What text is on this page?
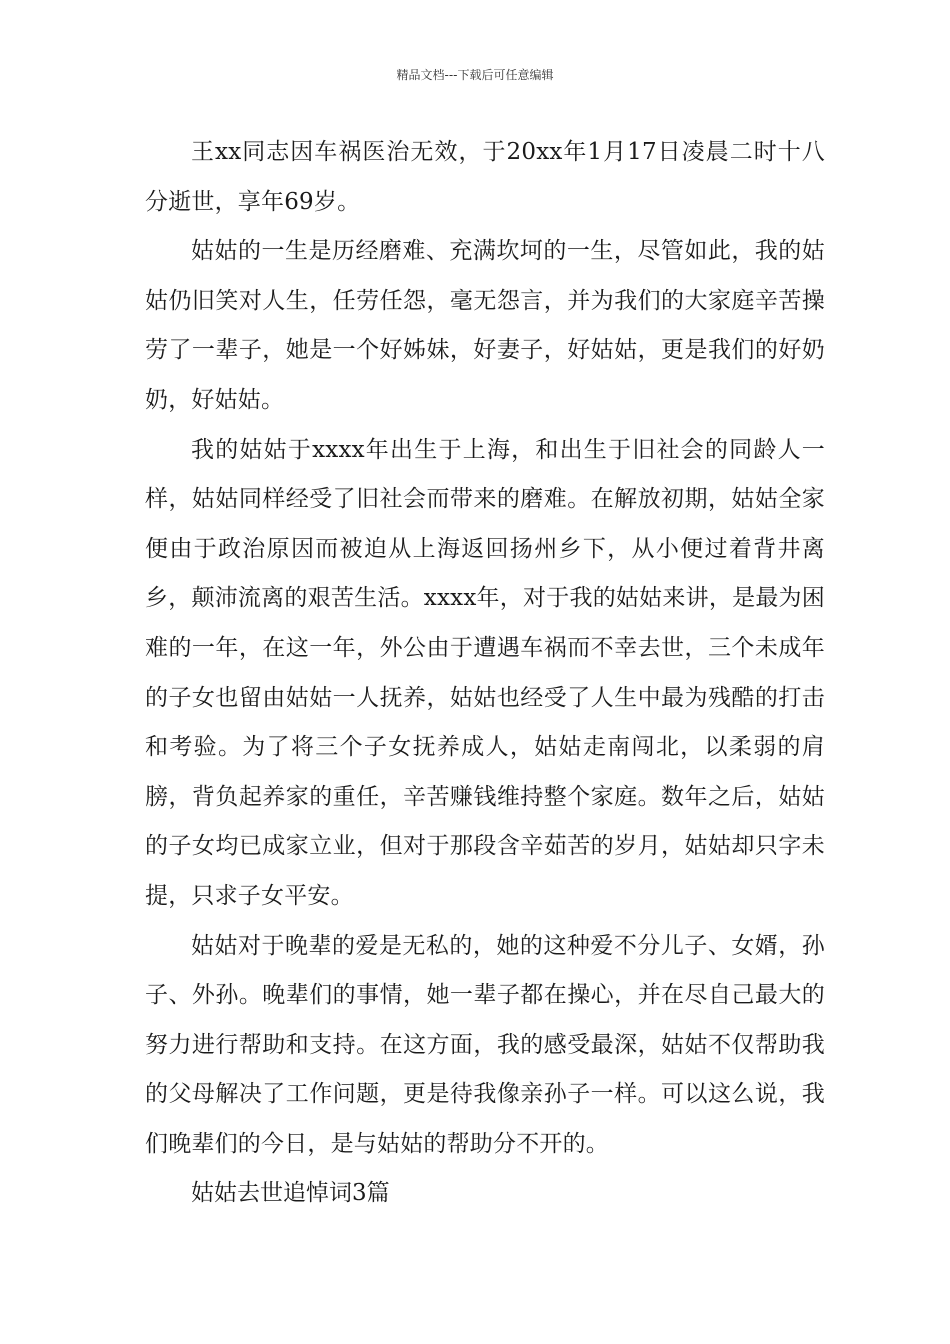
精品文档---下载后可任意编辑

王xx同志因车祸医治无效，于20xx年1月17日凌晨二时十八分逝世，享年69岁。

姑姑的一生是历经磨难、充满坎坷的一生，尽管如此，我的姑姑仍旧笑对人生，任劳任怨，毫无怨言，并为我们的大家庭辛苦操劳了一辈子，她是一个好姊妹，好妻子，好姑姑，更是我们的好奶奶，好姑姑。

我的姑姑于xxxx年出生于上海，和出生于旧社会的同龄人一样，姑姑同样经受了旧社会而带来的磨难。在解放初期，姑姑全家便由于政治原因而被迫从上海返回扬州乡下，从小便过着背井离乡，颠沛流离的艰苦生活。xxxx年，对于我的姑姑来讲，是最为困难的一年，在这一年，外公由于遭遇车祸而不幸去世，三个未成年的子女也留由姑姑一人抚养，姑姑也经受了人生中最为残酷的打击和考验。为了将三个子女抚养成人，姑姑走南闯北，以柔弱的肩膀，背负起养家的重任，辛苦赚钱维持整个家庭。数年之后，姑姑的子女均已成家立业，但对于那段含辛茹苦的岁月，姑姑却只字未提，只求子女平安。

姑姑对于晚辈的爱是无私的，她的这种爱不分儿子、女婿，孙子、外孙。晚辈们的事情，她一辈子都在操心，并在尽自己最大的努力进行帮助和支持。在这方面，我的感受最深，姑姑不仅帮助我的父母解决了工作问题，更是待我像亲孙子一样。可以这么说，我们晚辈们的今日，是与姑姑的帮助分不开的。

姑姑去世追悼词3篇
